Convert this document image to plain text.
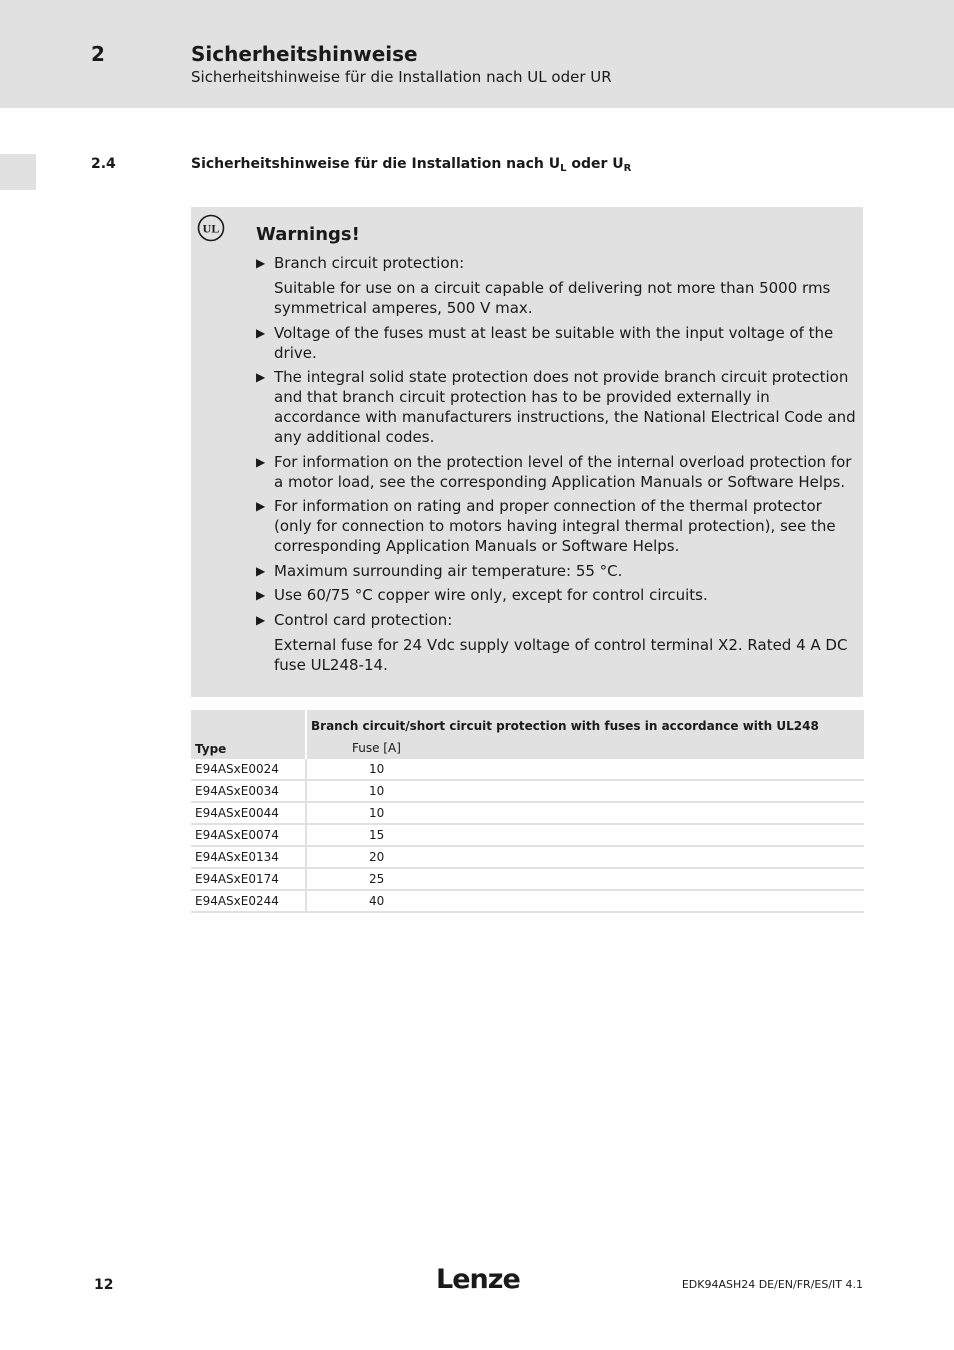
2	Sicherheitshinweise
Sicherheitshinweise für die Installation nach UL oder UR
2.4	Sicherheitshinweise für die Installation nach $U_L$ oder $U_R$
UL Warnings!
▶ Branch circuit protection:
Suitable for use on a circuit capable of delivering not more than 5000 rms symmetrical amperes, 500 V max.
▶ Voltage of the fuses must at least be suitable with the input voltage of the drive.
▶ The integral solid state protection does not provide branch circuit protection and that branch circuit protection has to be provided externally in accordance with manufacturers instructions, the National Electrical Code and any additional codes.
▶ For information on the protection level of the internal overload protection for a motor load, see the corresponding Application Manuals or Software Helps.
▶ For information on rating and proper connection of the thermal protector (only for connection to motors having integral thermal protection), see the corresponding Application Manuals or Software Helps.
▶ Maximum surrounding air temperature: 55 °C.
▶ Use 60/75 °C copper wire only, except for control circuits.
▶ Control card protection:
External fuse for 24 Vdc supply voltage of control terminal X2. Rated 4 A DC fuse UL248-14.
Type	Branch circuit/short circuit protection with fuses in accordance with UL248
	Fuse [A]
E94ASxE0024	10
E94ASxE0034	10
E94ASxE0044	10
E94ASxE0074	15
E94ASxE0134	20
E94ASxE0174	25
E94ASxE0244	40
12	Lenze	EDK94ASH24 DE/EN/FR/ES/IT 4.1
